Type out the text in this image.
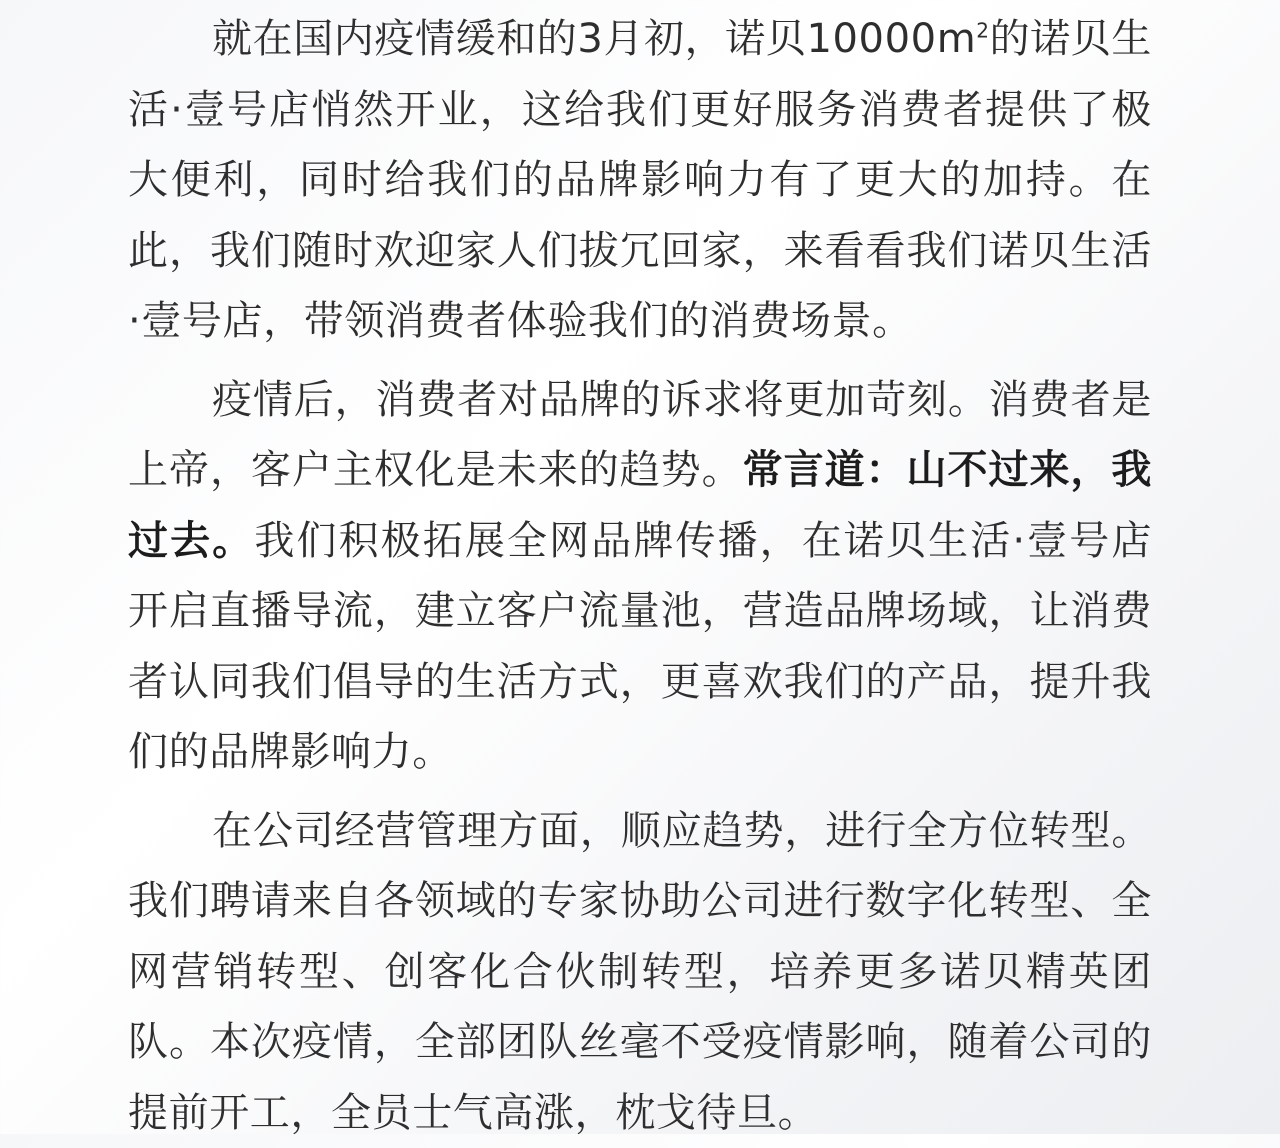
就在国内疫情缓和的3月初，诺贝$10000m^2$的诺贝生活·壹号店悄然开业，这给我们更好服务消费者提供了极大便利，同时给我们的品牌影响力有了更大的加持。在此，我们随时欢迎家人们拔冗回家，来看看我们诺贝生活·壹号店，带领消费者体验我们的消费场景。

疫情后，消费者对品牌的诉求将更加苛刻。消费者是上帝，客户主权化是未来的趋势。常言道：山不过来，我过去。我们积极拓展全网品牌传播，在诺贝生活·壹号店开启直播导流，建立客户流量池，营造品牌场域，让消费者认同我们倡导的生活方式，更喜欢我们的产品，提升我们的品牌影响力。

在公司经营管理方面，顺应趋势，进行全方位转型。我们聘请来自各领域的专家协助公司进行数字化转型、全网营销转型、创客化合伙制转型，培养更多诺贝精英团队。本次疫情，全部团队丝毫不受疫情影响，随着公司的提前开工，全员士气高涨，枕戈待旦。
